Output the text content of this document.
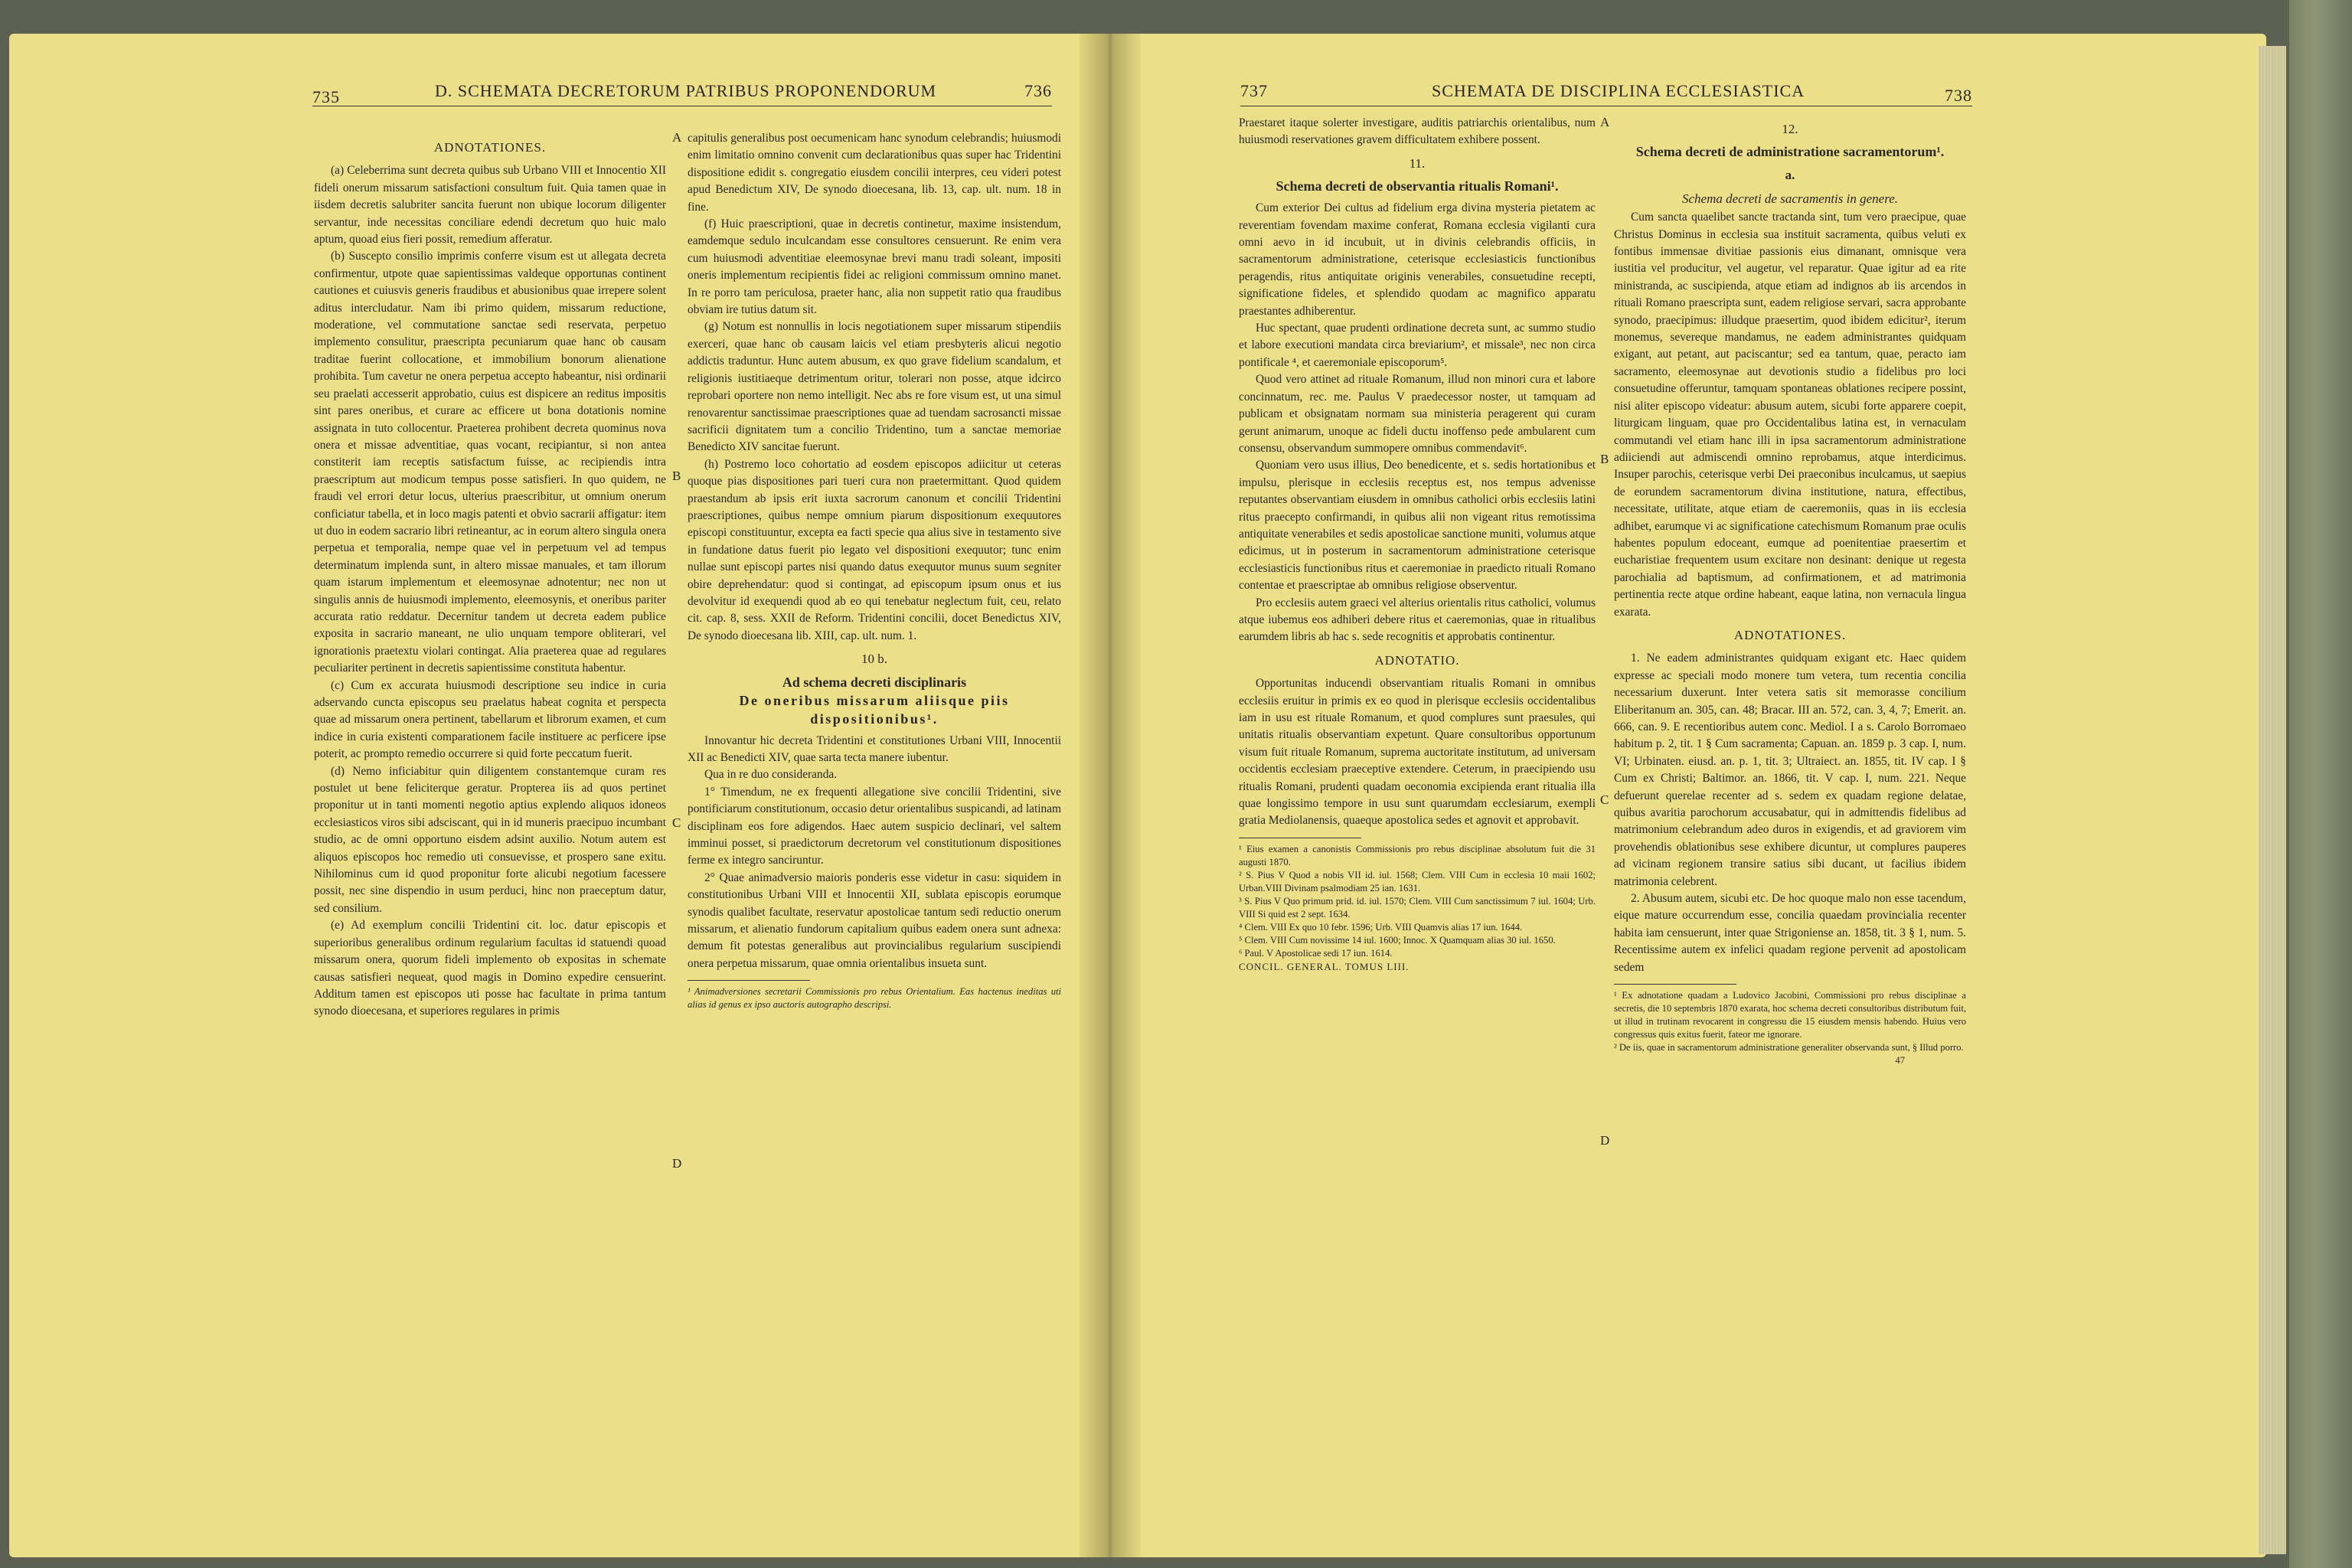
735	D. SCHEMATA DECRETORUM PATRIBUS PROPONENDORUM	736
ADNOTATIONES.

(a) Celeberrima sunt decreta quibus sub Urbano VIII et Innocentio XII fideli onerum missarum satisfactioni consultum fuit. Quia tamen quae in iisdem decretis salubriter sancita fuerunt non ubique locorum diligenter servantur, inde necessitas conciliare edendi decretum quo huic malo aptum, quoad eius fieri possit, remedium afferatur.

(b) Suscepto consilio imprimis conferre visum est ut allegata decreta confirmentur, utpote quae sapientissimas valdeque opportunas continent cautiones et cuiusvis generis fraudibus et abusionibus quae irrepere solent aditus intercludatur. Nam ibi primo quidem, missarum reductione, moderatione, vel commutatione sanctae sedi reservata, perpetuo implemento consulitur, praescripta pecuniarum quae hanc ob causam traditae fuerint collocatione, et immobilium bonorum alienatione prohibita. Tum cavetur ne onera perpetua accepto habeantur, nisi ordinarii seu praelati accesserit approbatio, cuius est dispicere an reditus impositis sint pares oneribus, et curare ac efficere ut bona dotationis nomine assignata in tuto collocentur. Praeterea prohibent decreta quominus nova onera et missae adventitiae, quas vocant, recipiantur, si non antea constiterit iam receptis satisfactum fuisse, ac recipiendis intra praescriptum aut modicum tempus posse satisfieri. In quo quidem, ne fraudi vel errori detur locus, ulterius praescribitur, ut omnium onerum conficiatur tabella, et in loco magis patenti et obvio sacrarii affigatur: item ut duo in eodem sacrario libri retineantur, ac in eorum altero singula onera perpetua et temporalia, nempe quae vel in perpetuum vel ad tempus determinatum implenda sunt, in altero missae manuales, et tam illorum quam istarum implementum et eleemosynae adnotentur; nec non ut singulis annis de huiusmodi implemento, eleemosynis, et oneribus pariter accurata ratio reddatur. Decernitur tandem ut decreta eadem publice exposita in sacrario maneant, ne ulio unquam tempore obliterari, vel ignorationis praetextu violari contingat. Alia praeterea quae ad regulares peculiariter pertinent in decretis sapientissime constituta habentur.

(c) Cum ex accurata huiusmodi descriptione seu indice in curia adservando cuncta episcopus seu praelatus habeat cognita et perspecta quae ad missarum onera pertinent, tabellarum et librorum examen, et cum indice in curia existenti comparationem facile instituere ac perficere ipse poterit, ac prompto remedio occurrere si quid forte peccatum fuerit.

(d) Nemo inficiabitur quin diligentem constantemque curam res postulet ut bene feliciterque geratur. Propterea iis ad quos pertinet proponitur ut in tanti momenti negotio aptius explendo aliquos idoneos ecclesiasticos viros sibi adsciscant, qui in id muneris praecipuo incumbant studio, ac de omni opportuno eisdem adsint auxilio. Notum autem est aliquos episcopos hoc remedio uti consuevisse, et prospero sane exitu. Nihilominus cum id quod proponitur forte alicubi negotium facessere possit, nec sine dispendio in usum perduci, hinc non praeceptum datur, sed consilium.

(e) Ad exemplum concilii Tridentini cit. loc. datur episcopis et superioribus generalibus ordinum regularium facultas id statuendi quoad missarum onera, quorum fideli implemento ob expositas in schemate causas satisfieri nequeat, quod magis in Domino expedire censuerint. Additum tamen est episcopos uti posse hac facultate in prima tantum synodo dioecesana, et superiores regulares in primis

capitulis generalibus post oecumenicam hanc synodum celebrandis; huiusmodi enim limitatio omnino convenit cum declarationibus quas super hac Tridentini dispositione edidit s. congregatio eiusdem concilii interpres, ceu videri potest apud Benedictum XIV, De synodo dioecesana, lib. 13, cap. ult. num. 18 in fine.

(f) Huic praescriptioni, quae in decretis continetur, maxime insistendum, eamdemque sedulo inculcandam esse consultores censuerunt. Re enim vera cum huiusmodi adventitiae eleemosynae brevi manu tradi soleant, impositi oneris implementum recipientis fidei ac religioni commissum omnino manet. In re porro tam periculosa, praeter hanc, alia non suppetit ratio qua fraudibus obviam ire tutius datum sit.

(g) Notum est nonnullis in locis negotiationem super missarum stipendiis exerceri, quae hanc ob causam laicis vel etiam presbyteris alicui negotio addictis traduntur. Hunc autem abusum, ex quo grave fidelium scandalum, et religionis iustitiaeque detrimentum oritur, tolerari non posse, atque idcirco reprobari oportere non nemo intelligit. Nec abs re fore visum est, ut una simul renovarentur sanctissimae praescriptiones quae ad tuendam sacrosancti missae sacrificii dignitatem tum a concilio Tridentino, tum a sanctae memoriae Benedicto XIV sancitae fuerunt.

(h) Postremo loco cohortatio ad eosdem episcopos adiicitur ut ceteras quoque pias dispositiones pari tueri cura non praetermittant. Quod quidem praestandum ab ipsis erit iuxta sacrorum canonum et concilii Tridentini praescriptiones, quibus nempe omnium piarum dispositionum exequutores episcopi constituuntur, excepta ea facti specie qua alius sive in testamento sive in fundatione datus fuerit pio legato vel dispositioni exequutor; tunc enim nullae sunt episcopi partes nisi quando datus exequutor munus suum segniter obire deprehendatur: quod si contingat, ad episcopum ipsum onus et ius devolvitur id exequendi quod ab eo qui tenebatur neglectum fuit, ceu, relato cit. cap. 8, sess. XXII de Reform. Tridentini concilii, docet Benedictus XIV, De synodo dioecesana lib. XIII, cap. ult. num. 1.

10 b.
Ad schema decreti disciplinaris
De oneribus missarum aliisque piis
dispositionibus¹.

Innovantur hic decreta Tridentini et constitutiones Urbani VIII, Innocentii XII ac Benedicti XIV, quae sarta tecta manere iubentur.

Qua in re duo consideranda.

1° Timendum, ne ex frequenti allegatione sive concilii Tridentini, sive pontificiarum constitutionum, occasio detur orientalibus suspicandi, ad latinam disciplinam eos fore adigendos. Haec autem suspicio declinari, vel saltem imminui posset, si praedictorum decretorum vel constitutionum dispositiones ferme ex integro sanciruntur.

2° Quae animadversio maioris ponderis esse videtur in casu: siquidem in constitutionibus Urbani VIII et Innocentii XII, sublata episcopis eorumque synodis qualibet facultate, reservatur apostolicae tantum sedi reductio onerum missarum, et alienatio fundorum capitalium quibus eadem onera sunt adnexa: demum fit potestas generalibus aut provincialibus regularium suscipiendi onera perpetua missarum, quae omnia orientalibus insueta sunt.

¹ Animadversiones secretarii Commissionis pro rebus Orientalium. Eas hactenus ineditas uti alias id genus ex ipso auctoris autographo descripsi.

A
B
C
D
737	SCHEMATA DE DISCIPLINA ECCLESIASTICA	738

Praestaret itaque solerter investigare, auditis patriarchis orientalibus, num huiusmodi reservationes gravem difficultatem exhibere possent.

11.
Schema decreti de observantia ritualis Romani¹.

Cum exterior Dei cultus ad fidelium erga divina mysteria pietatem ac reverentiam fovendam maxime conferat, Romana ecclesia vigilanti cura omni aevo in id incubuit, ut in divinis celebrandis officiis, in sacramentorum administratione, ceterisque ecclesiasticis functionibus peragendis, ritus antiquitate originis venerabiles, consuetudine recepti, significatione fideles, et splendido quodam ac magnifico apparatu praestantes adhiberentur.

Huc spectant, quae prudenti ordinatione decreta sunt, ac summo studio et labore executioni mandata circa breviarium², et missale³, nec non circa pontificale ⁴, et caeremoniale episcoporum⁵.

Quod vero attinet ad rituale Romanum, illud non minori cura et labore concinnatum, rec. me. Paulus V praedecessor noster, ut tamquam ad publicam et obsignatam normam sua ministeria peragerent qui curam gerunt animarum, unoque ac fideli ductu inoffenso pede ambularent cum consensu, observandum summopere omnibus commendavit⁶.

Quoniam vero usus illius, Deo benedicente, et s. sedis hortationibus et impulsu, plerisque in ecclesiis receptus est, nos tempus advenisse reputantes observantiam eiusdem in omnibus catholici orbis ecclesiis latini ritus praecepto confirmandi, in quibus alii non vigeant ritus remotissima antiquitate venerabiles et sedis apostolicae sanctione muniti, volumus atque edicimus, ut in posterum in sacramentorum administratione ceterisque ecclesiasticis functionibus ritus et caeremoniae in praedicto rituali Romano contentae et praescriptae ab omnibus religiose observentur.

Pro ecclesiis autem graeci vel alterius orientalis ritus catholici, volumus atque iubemus eos adhiberi debere ritus et caeremonias, quae in ritualibus earumdem libris ab hac s. sede recognitis et approbatis continentur.

ADNOTATIO.

Opportunitas inducendi observantiam ritualis Romani in omnibus ecclesiis eruitur in primis ex eo quod in plerisque ecclesiis occidentalibus iam in usu est rituale Romanum, et quod complures sunt praesules, qui unitatis ritualis observantiam expetunt. Quare consultoribus opportunum visum fuit rituale Romanum, suprema auctoritate institutum, ad universam occidentis ecclesiam praeceptive extendere. Ceterum, in praecipiendo usu ritualis Romani, prudenti quadam oeconomia excipienda erant ritualia illa quae longissimo tempore in usu sunt quarumdam ecclesiarum, exempli gratia Mediolanensis, quaeque apostolica sedes et agnovit et approbavit.

¹ Eius examen a canonistis Commissionis pro rebus disciplinae absolutum fuit die 31 augusti 1870.

² S. Pius V Quod a nobis VII id. iul. 1568; Clem. VIII Cum in ecclesia 10 maii 1602; Urban.VIII Divinam psalmodiam 25 ian. 1631.

³ S. Pius V Quo primum prid. id. iul. 1570; Clem. VIII Cum sanctissimum 7 iul. 1604; Urb. VIII Si quid est 2 sept. 1634.

⁴ Clem. VIII Ex quo 10 febr. 1596; Urb. VIII Quamvis alias 17 iun. 1644.

⁵ Clem. VIII Cum novissime 14 iul. 1600; Innoc. X Quamquam alias 30 iul. 1650.

⁶ Paul. V Apostolicae sedi 17 iun. 1614.

CONCIL. GENERAL. TOMUS LIII.

12.
Schema decreti de administratione sacramentorum¹.
a.
Schema decreti de sacramentis in genere.

Cum sancta quaelibet sancte tractanda sint, tum vero praecipue, quae Christus Dominus in ecclesia sua instituit sacramenta, quibus veluti ex fontibus immensae divitiae passionis eius dimanant, omnisque vera iustitia vel producitur, vel augetur, vel reparatur. Quae igitur ad ea rite ministranda, ac suscipienda, atque etiam ad indignos ab iis arcendos in rituali Romano praescripta sunt, eadem religiose servari, sacra approbante synodo, praecipimus: illudque praesertim, quod ibidem edicitur², iterum monemus, severeque mandamus, ne eadem administrantes quidquam exigant, aut petant, aut paciscantur; sed ea tantum, quae, peracto iam sacramento, eleemosynae aut devotionis studio a fidelibus pro loci consuetudine offeruntur, tamquam spontaneas oblationes recipere possint, nisi aliter episcopo videatur: abusum autem, sicubi forte apparere coepit, liturgicam linguam, quae pro Occidentalibus latina est, in vernaculam commutandi vel etiam hanc illi in ipsa sacramentorum administratione adiiciendi aut admiscendi omnino reprobamus, atque interdicimus. Insuper parochis, ceterisque verbi Dei praeconibus inculcamus, ut saepius de eorundem sacramentorum divina institutione, natura, effectibus, necessitate, utilitate, atque etiam de caeremoniis, quas in iis ecclesia adhibet, earumque vi ac significatione catechismum Romanum prae oculis habentes populum edoceant, eumque ad poenitentiae praesertim et eucharistiae frequentem usum excitare non desinant: denique ut regesta parochialia ad baptismum, ad confirmationem, et ad matrimonia pertinentia recte atque ordine habeant, eaque latina, non vernacula lingua exarata.

ADNOTATIONES.

1. Ne eadem administrantes quidquam exigant etc. Haec quidem expresse ac speciali modo monere tum vetera, tum recentia concilia necessarium duxerunt. Inter vetera satis sit memorasse concilium Eliberitanum an. 305, can. 48; Bracar. III an. 572, can. 3, 4, 7; Emerit. an. 666, can. 9. E recentioribus autem conc. Mediol. I a s. Carolo Borromaeo habitum p. 2, tit. 1 § Cum sacramenta; Capuan. an. 1859 p. 3 cap. I, num. VI; Urbinaten. eiusd. an. p. 1, tit. 3; Ultraiect. an. 1855, tit. IV cap. I § Cum ex Christi; Baltimor. an. 1866, tit. V cap. I, num. 221. Neque defuerunt querelae recenter ad s. sedem ex quadam regione delatae, quibus avaritia parochorum accusabatur, qui in admittendis fidelibus ad matrimonium celebrandum adeo duros in exigendis, et ad graviorem vim provehendis oblationibus sese exhibere dicuntur, ut complures pauperes ad vicinam regionem transire satius sibi ducant, ut facilius ibidem matrimonia celebrent.

2. Abusum autem, sicubi etc. De hoc quoque malo non esse tacendum, eique mature occurrendum esse, concilia quaedam provincialia recenter habita iam censuerunt, inter quae Strigoniense an. 1858, tit. 3 § 1, num. 5. Recentissime autem ex infelici quadam regione pervenit ad apostolicam sedem

¹ Ex adnotatione quadam a Ludovico Jacobini, Commissioni pro rebus disciplinae a secretis, die 10 septembris 1870 exarata, hoc schema decreti consultoribus distributum fuit, ut illud in trutinam revocarent in congressu die 15 eiusdem mensis habendo. Huius vero congressus quis exitus fuerit, fateor me ignorare.

² De iis, quae in sacramentorum administratione generaliter observanda sunt, § Illud porro.

47

A
B
C
D
